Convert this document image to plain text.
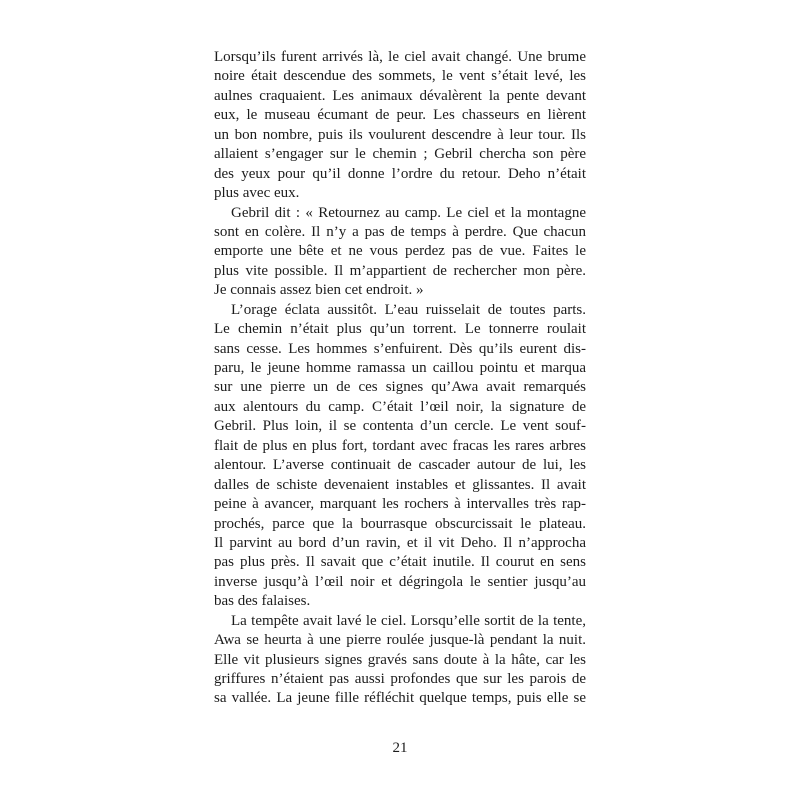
Lorsqu’ils furent arrivés là, le ciel avait changé. Une brume
noire était descendue des sommets, le vent s’était levé, les
aulnes craquaient. Les animaux dévalèrent la pente devant
eux, le museau écumant de peur. Les chasseurs en lièrent
un bon nombre, puis ils voulurent descendre à leur tour. Ils
allaient s’engager sur le chemin ; Gebril chercha son père
des yeux pour qu’il donne l’ordre du retour. Deho n’était
plus avec eux.
Gebril dit : « Retournez au camp. Le ciel et la montagne
sont en colère. Il n’y a pas de temps à perdre. Que chacun
emporte une bête et ne vous perdez pas de vue. Faites le
plus vite possible. Il m’appartient de rechercher mon père.
Je connais assez bien cet endroit. »
L’orage éclata aussitôt. L’eau ruisselait de toutes parts.
Le chemin n’était plus qu’un torrent. Le tonnerre roulait
sans cesse. Les hommes s’enfuirent. Dès qu’ils eurent dis-
paru, le jeune homme ramassa un caillou pointu et marqua
sur une pierre un de ces signes qu’Awa avait remarqués
aux alentours du camp. C’était l’œil noir, la signature de
Gebril. Plus loin, il se contenta d’un cercle. Le vent souf-
flait de plus en plus fort, tordant avec fracas les rares arbres
alentour. L’averse continuait de cascader autour de lui, les
dalles de schiste devenaient instables et glissantes. Il avait
peine à avancer, marquant les rochers à intervalles très rap-
prochés, parce que la bourrasque obscurcissait le plateau.
Il parvint au bord d’un ravin, et il vit Deho. Il n’approcha
pas plus près. Il savait que c’était inutile. Il courut en sens
inverse jusqu’à l’œil noir et dégringola le sentier jusqu’au
bas des falaises.
La tempête avait lavé le ciel. Lorsqu’elle sortit de la tente,
Awa se heurta à une pierre roulée jusque-là pendant la nuit.
Elle vit plusieurs signes gravés sans doute à la hâte, car les
griffures n’étaient pas aussi profondes que sur les parois de
sa vallée. La jeune fille réfléchit quelque temps, puis elle se
21
